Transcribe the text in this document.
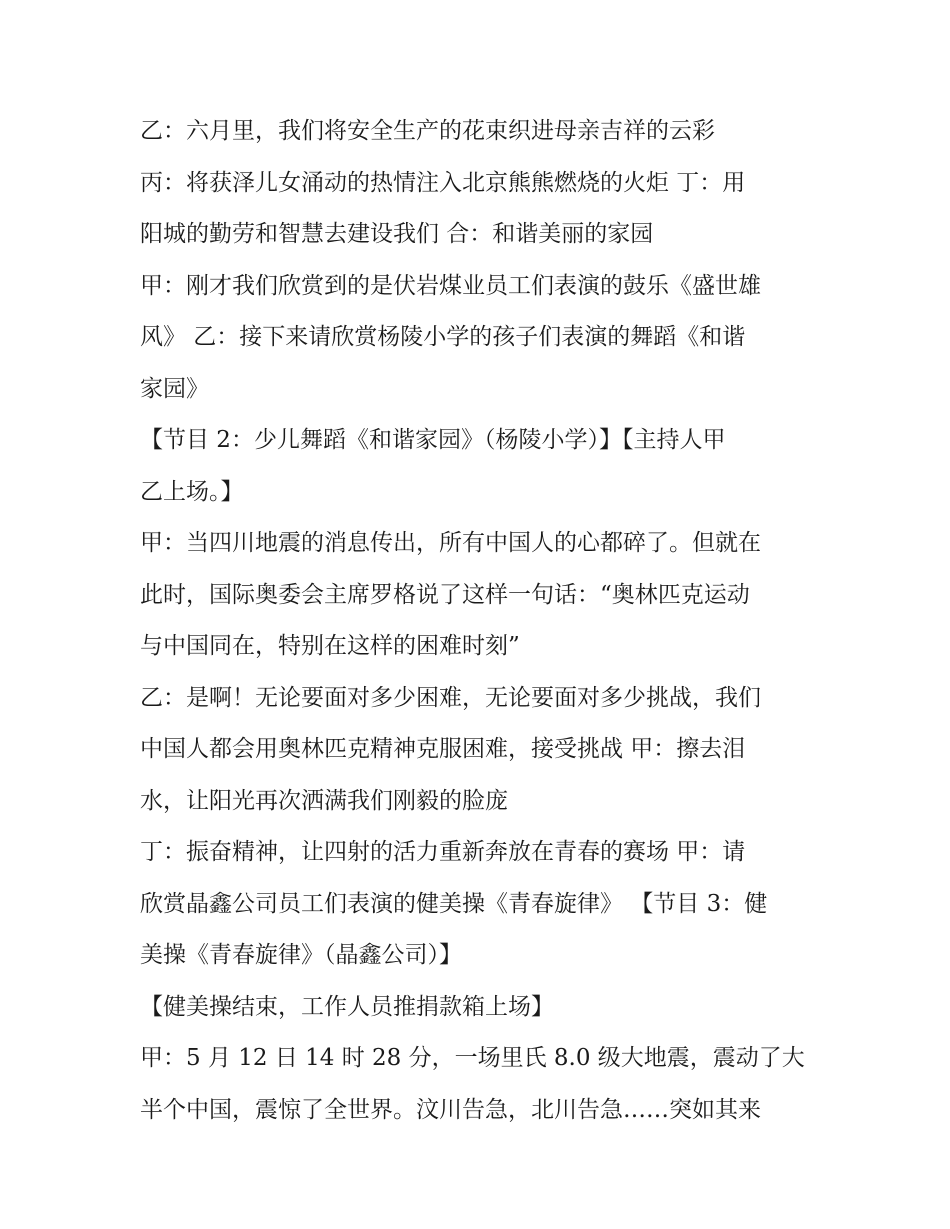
乙：六月里，我们将安全生产的花束织进母亲吉祥的云彩
丙：将获泽儿女涌动的热情注入北京熊熊燃烧的火炬 丁：用
阳城的勤劳和智慧去建设我们 合：和谐美丽的家园
甲：刚才我们欣赏到的是伏岩煤业员工们表演的鼓乐《盛世雄
风》 乙：接下来请欣赏杨陵小学的孩子们表演的舞蹈《和谐
家园》
【节目 2：少儿舞蹈《和谐家园》（杨陵小学）】【主持人甲
乙上场。】
甲：当四川地震的消息传出，所有中国人的心都碎了。但就在
此时，国际奥委会主席罗格说了这样一句话：“奥林匹克运动
与中国同在，特别在这样的困难时刻”
乙：是啊！无论要面对多少困难，无论要面对多少挑战，我们
中国人都会用奥林匹克精神克服困难，接受挑战 甲：擦去泪
水，让阳光再次洒满我们刚毅的脸庞
丁：振奋精神，让四射的活力重新奔放在青春的赛场 甲：请
欣赏晶鑫公司员工们表演的健美操《青春旋律》 【节目 3：健
美操《青春旋律》（晶鑫公司）】
【健美操结束，工作人员推捐款箱上场】
甲：5 月 12 日 14 时 28 分，一场里氏 8.0 级大地震，震动了大
半个中国，震惊了全世界。汶川告急，北川告急……突如其来
